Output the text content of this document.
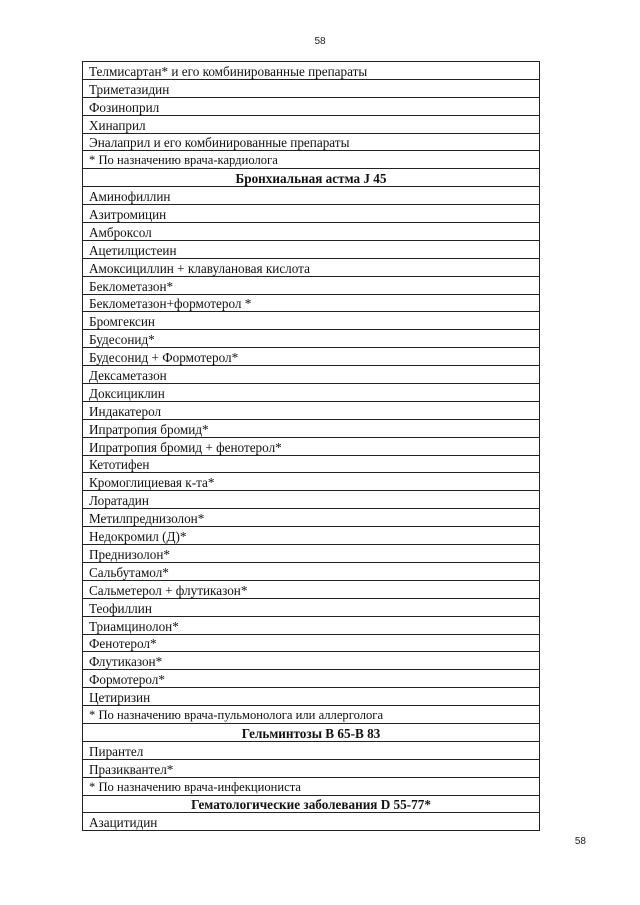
58
Телмисартан* и его комбинированные препараты
Триметазидин
Фозиноприл
Хинаприл
Эналаприл и его комбинированные препараты
* По назначению врача-кардиолога
Бронхиальная астма J 45
Аминофиллин
Азитромицин
Амброксол
Ацетилцистеин
Амоксициллин + клавулановая кислота
Беклометазон*
Беклометазон+формотерол *
Бромгексин
Будесонид*
Будесонид + Формотерол*
Дексаметазон
Доксициклин
Индакатерол
Ипратропия бромид*
Ипратропия бромид + фенотерол*
Кетотифен
Кромоглициевая к-та*
Лоратадин
Метилпреднизолон*
Недокромил (Д)*
Преднизолон*
Сальбутамол*
Сальметерол + флутиказон*
Теофиллин
Триамцинолон*
Фенотерол*
Флутиказон*
Формотерол*
Цетиризин
* По назначению врача-пульмонолога или аллерголога
Гельминтозы В 65-В 83
Пирантел
Празиквантел*
* По назначению врача-инфекциониста
Гематологические заболевания D 55-77*
Азацитидин
58
